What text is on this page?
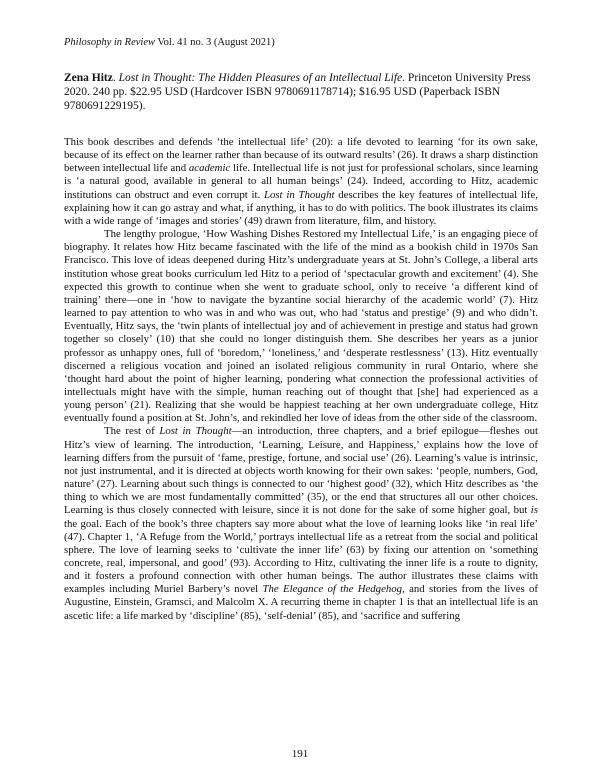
Philosophy in Review Vol. 41 no. 3 (August 2021)
Zena Hitz. Lost in Thought: The Hidden Pleasures of an Intellectual Life. Princeton University Press 2020. 240 pp. $22.95 USD (Hardcover ISBN 9780691178714); $16.95 USD (Paperback ISBN 9780691229195).

This book describes and defends ‘the intellectual life’ (20): a life devoted to learning ‘for its own sake, because of its effect on the learner rather than because of its outward results’ (26). It draws a sharp distinction between intellectual life and academic life. Intellectual life is not just for professional scholars, since learning is ‘a natural good, available in general to all human beings’ (24). Indeed, according to Hitz, academic institutions can obstruct and even corrupt it. Lost in Thought describes the key features of intellectual life, explaining how it can go astray and what, if anything, it has to do with politics. The book illustrates its claims with a wide range of ‘images and stories’ (49) drawn from literature, film, and history.

The lengthy prologue, ‘How Washing Dishes Restored my Intellectual Life,’ is an engaging piece of biography. It relates how Hitz became fascinated with the life of the mind as a bookish child in 1970s San Francisco. This love of ideas deepened during Hitz’s undergraduate years at St. John’s College, a liberal arts institution whose great books curriculum led Hitz to a period of ‘spectacular growth and excitement’ (4). She expected this growth to continue when she went to graduate school, only to receive ‘a different kind of training’ there—one in ‘how to navigate the byzantine social hierarchy of the academic world’ (7). Hitz learned to pay attention to who was in and who was out, who had ‘status and prestige’ (9) and who didn’t. Eventually, Hitz says, the ‘twin plants of intellectual joy and of achievement in prestige and status had grown together so closely’ (10) that she could no longer distinguish them. She describes her years as a junior professor as unhappy ones, full of ‘boredom,’ ‘loneliness,’ and ‘desperate restlessness’ (13). Hitz eventually discerned a religious vocation and joined an isolated religious community in rural Ontario, where she ‘thought hard about the point of higher learning, pondering what connection the professional activities of intellectuals might have with the simple, human reaching out of thought that [she] had experienced as a young person’ (21). Realizing that she would be happiest teaching at her own undergraduate college, Hitz eventually found a position at St. John’s, and rekindled her love of ideas from the other side of the classroom.

The rest of Lost in Thought—an introduction, three chapters, and a brief epilogue—fleshes out Hitz’s view of learning. The introduction, ‘Learning, Leisure, and Happiness,’ explains how the love of learning differs from the pursuit of ‘fame, prestige, fortune, and social use’ (26). Learning’s value is intrinsic, not just instrumental, and it is directed at objects worth knowing for their own sakes: ‘people, numbers, God, nature’ (27). Learning about such things is connected to our ‘highest good’ (32), which Hitz describes as ‘the thing to which we are most fundamentally committed’ (35), or the end that structures all our other choices. Learning is thus closely connected with leisure, since it is not done for the sake of some higher goal, but is the goal. Each of the book’s three chapters say more about what the love of learning looks like ‘in real life’ (47). Chapter 1, ‘A Refuge from the World,’ portrays intellectual life as a retreat from the social and political sphere. The love of learning seeks to ‘cultivate the inner life’ (63) by fixing our attention on ‘something concrete, real, impersonal, and good’ (93). According to Hitz, cultivating the inner life is a route to dignity, and it fosters a profound connection with other human beings. The author illustrates these claims with examples including Muriel Barbery’s novel The Elegance of the Hedgehog, and stories from the lives of Augustine, Einstein, Gramsci, and Malcolm X. A recurring theme in chapter 1 is that an intellectual life is an ascetic life: a life marked by ‘discipline’ (85), ‘self-denial’ (85), and ‘sacrifice and suffering

191
